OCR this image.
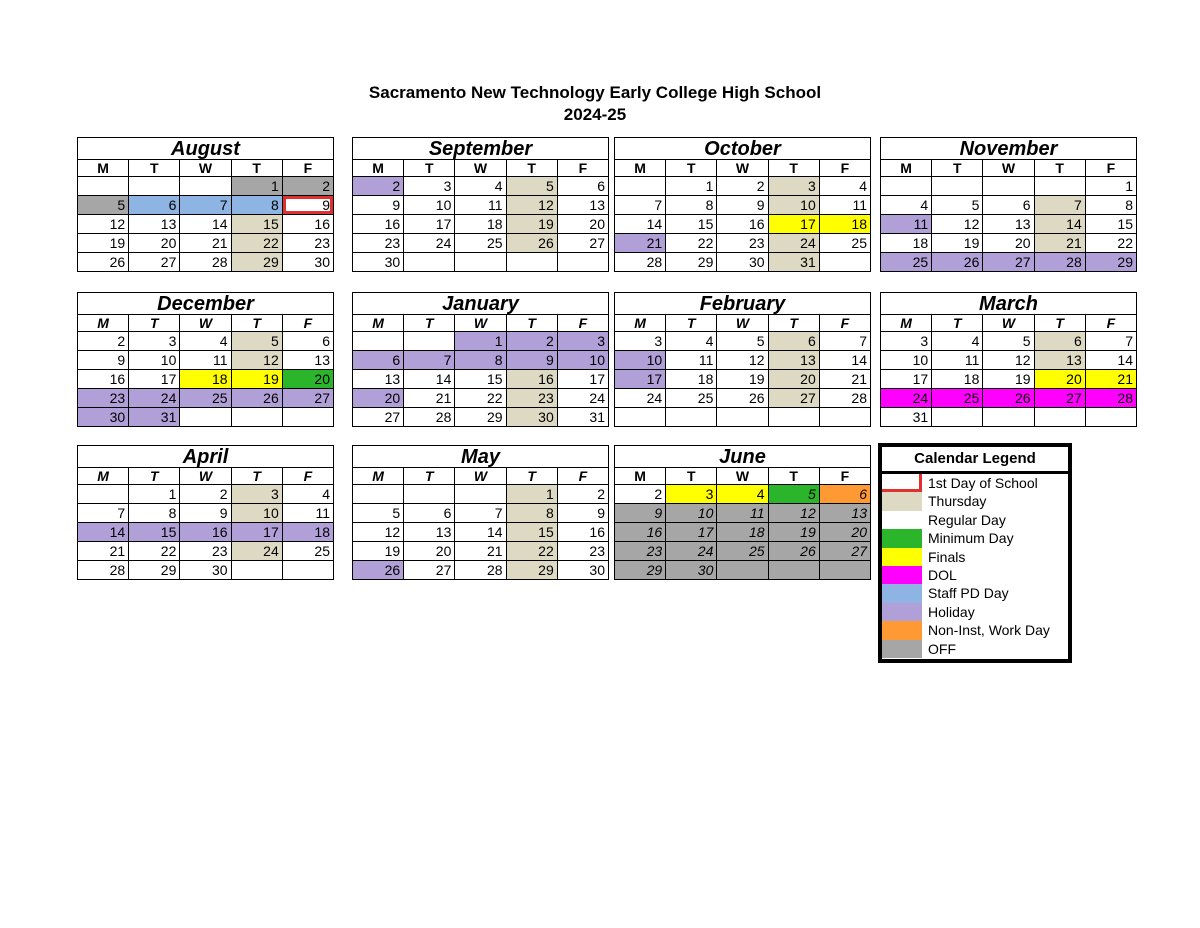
Sacramento New Technology Early College High School
2024-25
August				
M	T	W	T	F
			1	2
5	6	7	8	9
12	13	14	15	16
19	20	21	22	23
26	27	28	29	30
September				
M	T	W	T	F
2	3	4	5	6
9	10	11	12	13
16	17	18	19	20
23	24	25	26	27
30				
October				
M	T	W	T	F
	1	2	3	4
7	8	9	10	11
14	15	16	17	18
21	22	23	24	25
28	29	30	31	
November				
M	T	W	T	F
				1
4	5	6	7	8
11	12	13	14	15
18	19	20	21	22
25	26	27	28	29
December				
M	T	W	T	F
2	3	4	5	6
9	10	11	12	13
16	17	18	19	20
23	24	25	26	27
30	31			
January				
M	T	W	T	F
		1	2	3
6	7	8	9	10
13	14	15	16	17
20	21	22	23	24
27	28	29	30	31
February				
M	T	W	T	F
3	4	5	6	7
10	11	12	13	14
17	18	19	20	21
24	25	26	27	28

March				
M	T	W	T	F
3	4	5	6	7
10	11	12	13	14
17	18	19	20	21
24	25	26	27	28
31				
April				
M	T	W	T	F
	1	2	3	4
7	8	9	10	11
14	15	16	17	18
21	22	23	24	25
28	29	30		
May				
M	T	W	T	F
			1	2
5	6	7	8	9
12	13	14	15	16
19	20	21	22	23
26	27	28	29	30
June				
M	T	W	T	F
2	3	4	5	6
9	10	11	12	13
16	17	18	19	20
23	24	25	26	27
29	30			
Calendar Legend
1st Day of School
Thursday
Regular Day
Minimum Day
Finals
DOL
Staff PD Day
Holiday
Non-Inst, Work Day
OFF
